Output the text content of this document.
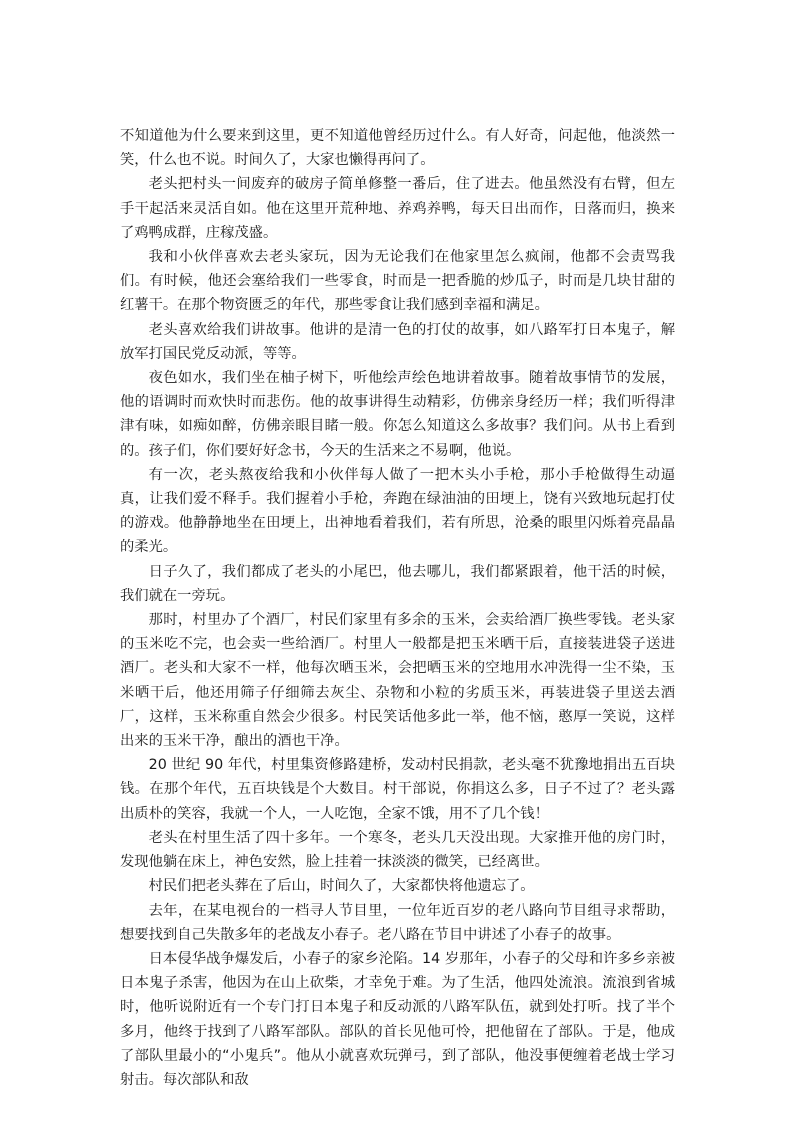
不知道他为什么要来到这里，更不知道他曾经历过什么。有人好奇，问起他，他淡然一笑，什么也不说。时间久了，大家也懒得再问了。

老头把村头一间废弃的破房子简单修整一番后，住了进去。他虽然没有右臂，但左手干起活来灵活自如。他在这里开荒种地、养鸡养鸭，每天日出而作，日落而归，换来了鸡鸭成群，庄稼茂盛。

我和小伙伴喜欢去老头家玩，因为无论我们在他家里怎么疯闹，他都不会责骂我们。有时候，他还会塞给我们一些零食，时而是一把香脆的炒瓜子，时而是几块甘甜的红薯干。在那个物资匮乏的年代，那些零食让我们感到幸福和满足。

老头喜欢给我们讲故事。他讲的是清一色的打仗的故事，如八路军打日本鬼子，解放军打国民党反动派，等等。

夜色如水，我们坐在柚子树下，听他绘声绘色地讲着故事。随着故事情节的发展，他的语调时而欢快时而悲伤。他的故事讲得生动精彩，仿佛亲身经历一样；我们听得津津有味，如痴如醉，仿佛亲眼目睹一般。你怎么知道这么多故事？我们问。从书上看到的。孩子们，你们要好好念书，今天的生活来之不易啊，他说。

有一次，老头熬夜给我和小伙伴每人做了一把木头小手枪，那小手枪做得生动逼真，让我们爱不释手。我们握着小手枪，奔跑在绿油油的田埂上，饶有兴致地玩起打仗的游戏。他静静地坐在田埂上，出神地看着我们，若有所思，沧桑的眼里闪烁着亮晶晶的柔光。

日子久了，我们都成了老头的小尾巴，他去哪儿，我们都紧跟着，他干活的时候，我们就在一旁玩。

那时，村里办了个酒厂，村民们家里有多余的玉米，会卖给酒厂换些零钱。老头家的玉米吃不完，也会卖一些给酒厂。村里人一般都是把玉米晒干后，直接装进袋子送进酒厂。老头和大家不一样，他每次晒玉米，会把晒玉米的空地用水冲洗得一尘不染，玉米晒干后，他还用筛子仔细筛去灰尘、杂物和小粒的劣质玉米，再装进袋子里送去酒厂，这样，玉米称重自然会少很多。村民笑话他多此一举，他不恼，憨厚一笑说，这样出来的玉米干净，酿出的酒也干净。

20 世纪 90 年代，村里集资修路建桥，发动村民捐款，老头毫不犹豫地捐出五百块钱。在那个年代，五百块钱是个大数目。村干部说，你捐这么多，日子不过了？老头露出质朴的笑容，我就一个人，一人吃饱，全家不饿，用不了几个钱！

老头在村里生活了四十多年。一个寒冬，老头几天没出现。大家推开他的房门时，发现他躺在床上，神色安然，脸上挂着一抹淡淡的微笑，已经离世。

村民们把老头葬在了后山，时间久了，大家都快将他遗忘了。

去年，在某电视台的一档寻人节目里，一位年近百岁的老八路向节目组寻求帮助，想要找到自己失散多年的老战友小春子。老八路在节目中讲述了小春子的故事。

日本侵华战争爆发后，小春子的家乡沦陷。14 岁那年，小春子的父母和许多乡亲被日本鬼子杀害，他因为在山上砍柴，才幸免于难。为了生活，他四处流浪。流浪到省城时，他听说附近有一个专门打日本鬼子和反动派的八路军队伍，就到处打听。找了半个多月，他终于找到了八路军部队。部队的首长见他可怜，把他留在了部队。于是，他成了部队里最小的“小鬼兵”。他从小就喜欢玩弹弓，到了部队，他没事便缠着老战士学习射击。每次部队和敌
